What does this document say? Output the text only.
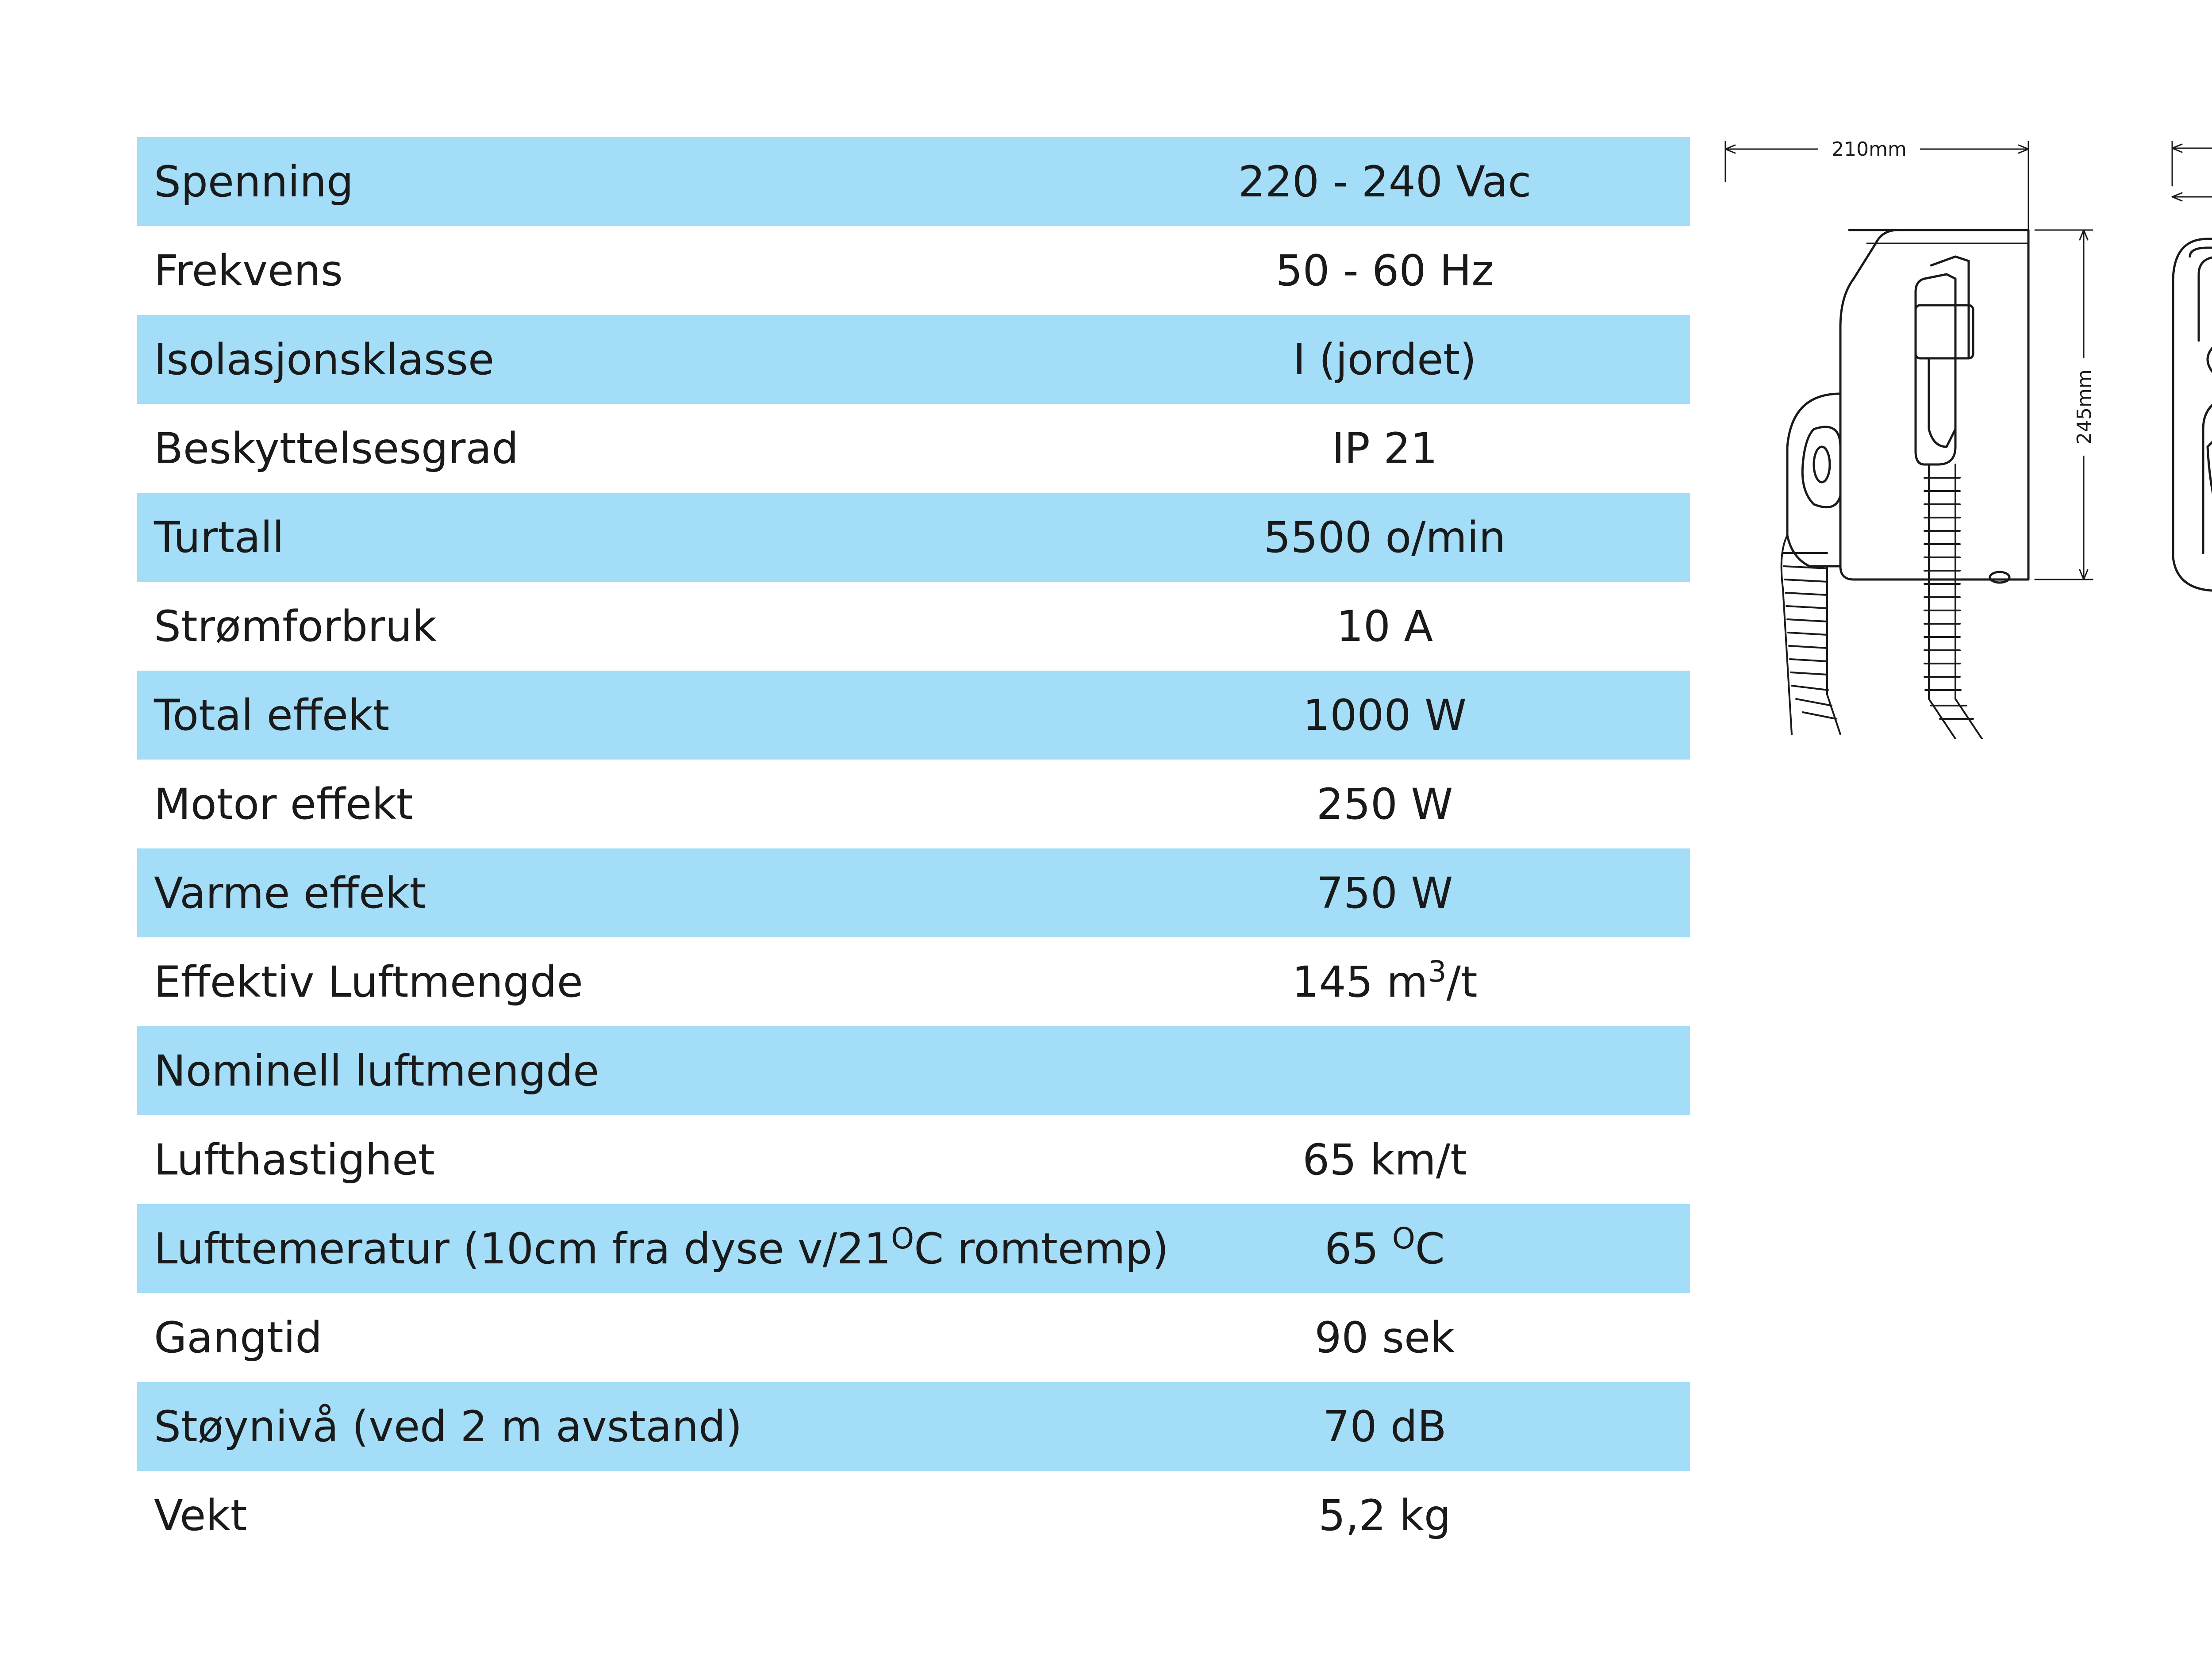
Spenning	220 - 240 Vac
Frekvens	50 - 60 Hz
Isolasjonsklasse	I (jordet)
Beskyttelsesgrad	IP 21
Turtall	5500 o/min
Strømforbruk	10 A
Total effekt	1000 W
Motor effekt	250 W
Varme effekt	750 W
Effektiv Luftmengde	145 $m^3/t$
Nominell luftmengde
Lufthastighet	65 km/t
Lufttemeratur (10cm fra dyse $v/21^OC$ romtemp)	65 $^O$C
Gangtid	90 sek
Støynivå (ved 2 m avstand)	70 dB
Vekt	5,2 kg
210mm
245mm
